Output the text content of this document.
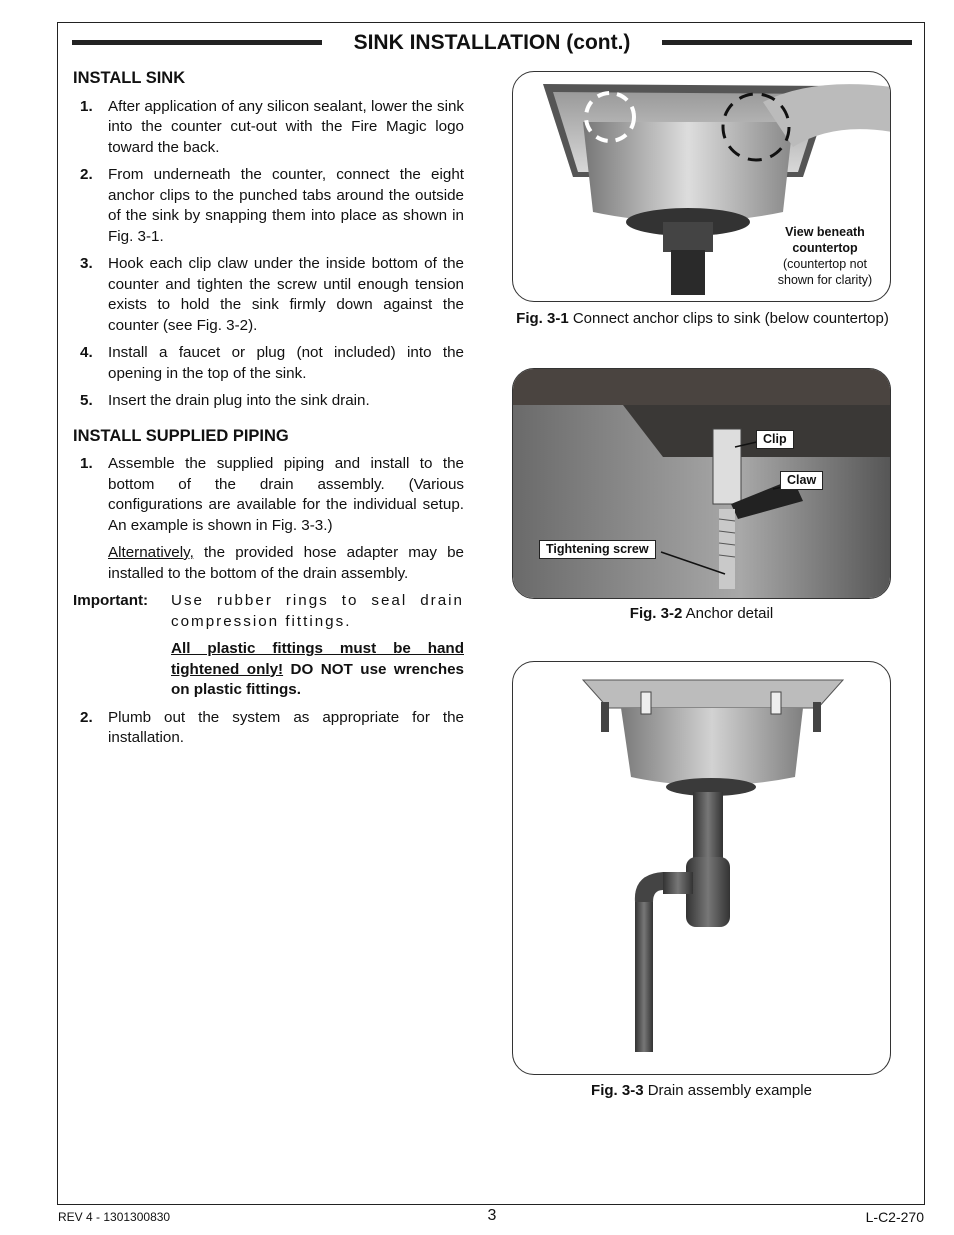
SINK INSTALLATION (cont.)
INSTALL SINK
1. After application of any silicon sealant, lower the sink into the counter cut-out with the Fire Magic logo toward the back.
2. From underneath the counter, connect the eight anchor clips to the punched tabs around the outside of the sink by snapping them into place as shown in Fig. 3-1.
3. Hook each clip claw under the inside bottom of the counter and tighten the screw until enough tension exists to hold the sink firmly down against the counter (see Fig. 3-2).
4. Install a faucet or plug (not included) into the opening in the top of the sink.
5. Insert the drain plug into the sink drain.
INSTALL SUPPLIED PIPING
1. Assemble the supplied piping and install to the bottom of the drain assembly. (Various configurations are available for the individual setup. An example is shown in Fig. 3-3.)

Alternatively, the provided hose adapter may be installed to the bottom of the drain assembly.

Important: Use rubber rings to seal drain compression fittings.
All plastic fittings must be hand tightened only! DO NOT use wrenches on plastic fittings.
2. Plumb out the system as appropriate for the installation.
View beneath countertop
(countertop not shown for clarity)
Fig. 3-1 Connect anchor clips to sink (below countertop)
Clip
Claw
Tightening screw
Fig. 3-2 Anchor detail
Fig. 3-3 Drain assembly example
REV 4 - 1301300830	3	L-C2-270
